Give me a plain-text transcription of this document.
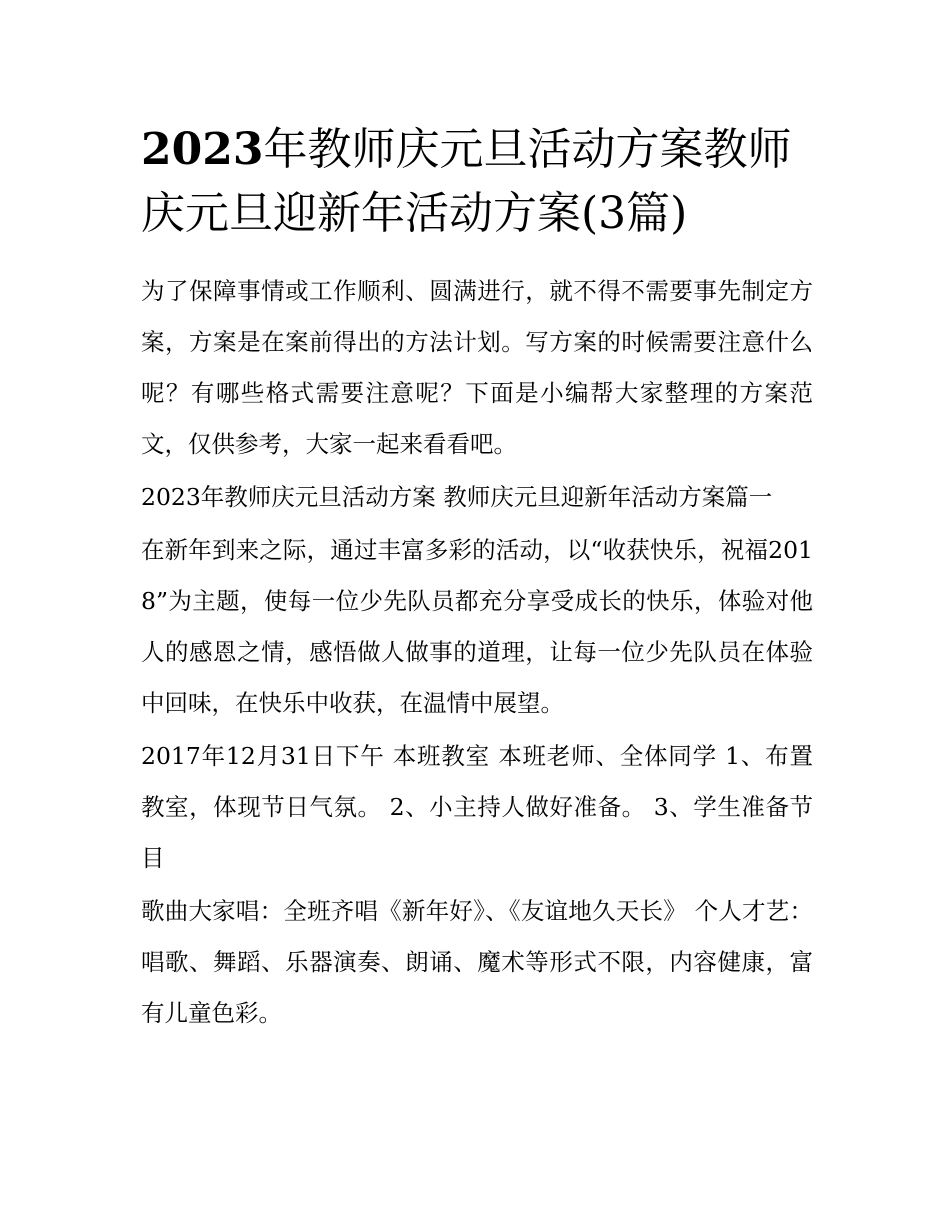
2023年教师庆元旦活动方案教师庆元旦迎新年活动方案(3篇)

为了保障事情或工作顺利、圆满进行，就不得不需要事先制定方案，方案是在案前得出的方法计划。写方案的时候需要注意什么呢？有哪些格式需要注意呢？下面是小编帮大家整理的方案范文，仅供参考，大家一起来看看吧。

2023年教师庆元旦活动方案 教师庆元旦迎新年活动方案篇一

在新年到来之际，通过丰富多彩的活动，以“收获快乐，祝福2018”为主题，使每一位少先队员都充分享受成长的快乐，体验对他人的感恩之情，感悟做人做事的道理，让每一位少先队员在体验中回味，在快乐中收获，在温情中展望。

2017年12月31日下午 本班教室 本班老师、全体同学 1、布置教室，体现节日气氛。 2、小主持人做好准备。 3、学生准备节目

歌曲大家唱：全班齐唱《新年好》、《友谊地久天长》 个人才艺：唱歌、舞蹈、乐器演奏、朗诵、魔术等形式不限，内容健康，富有儿童色彩。
